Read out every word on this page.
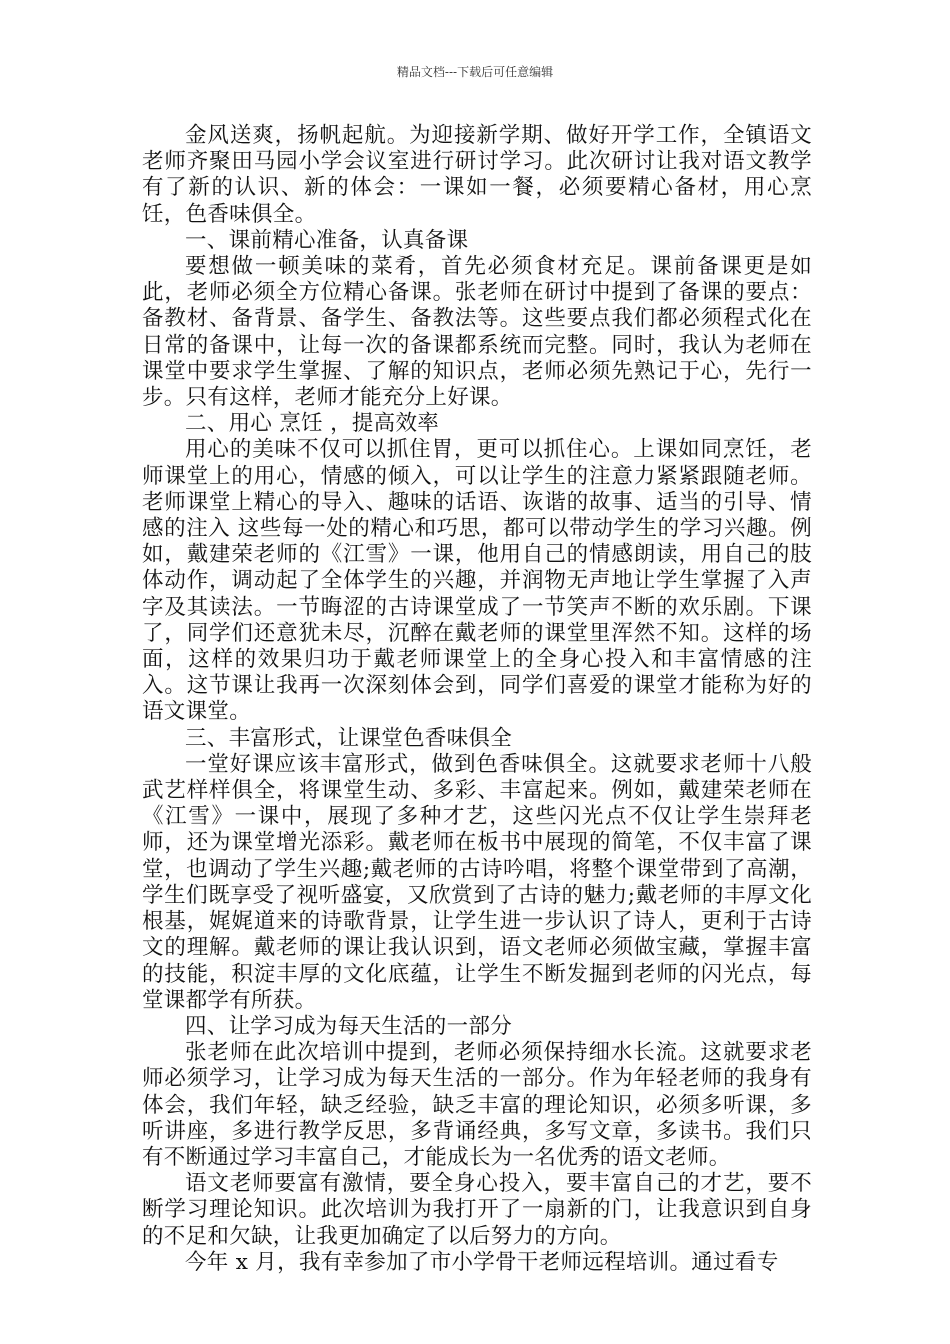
精品文档---下载后可任意编辑

金风送爽，扬帆起航。为迎接新学期、做好开学工作，全镇语文老师齐聚田马园小学会议室进行研讨学习。此次研讨让我对语文教学有了新的认识、新的体会：一课如一餐，必须要精心备材，用心烹饪，色香味俱全。

一、课前精心准备，认真备课

要想做一顿美味的菜肴，首先必须食材充足。课前备课更是如此，老师必须全方位精心备课。张老师在研讨中提到了备课的要点：备教材、备背景、备学生、备教法等。这些要点我们都必须程式化在日常的备课中，让每一次的备课都系统而完整。同时，我认为老师在课堂中要求学生掌握、了解的知识点，老师必须先熟记于心，先行一步。只有这样，老师才能充分上好课。

二、用心 烹饪 ，提高效率

用心的美味不仅可以抓住胃，更可以抓住心。上课如同烹饪，老师课堂上的用心，情感的倾入，可以让学生的注意力紧紧跟随老师。老师课堂上精心的导入、趣味的话语、诙谐的故事、适当的引导、情感的注入 这些每一处的精心和巧思，都可以带动学生的学习兴趣。例如，戴建荣老师的《江雪》一课，他用自己的情感朗读，用自己的肢体动作，调动起了全体学生的兴趣，并润物无声地让学生掌握了入声字及其读法。一节晦涩的古诗课堂成了一节笑声不断的欢乐剧。下课了，同学们还意犹未尽，沉醉在戴老师的课堂里浑然不知。这样的场面，这样的效果归功于戴老师课堂上的全身心投入和丰富情感的注入。这节课让我再一次深刻体会到，同学们喜爱的课堂才能称为好的语文课堂。

三、丰富形式，让课堂色香味俱全

一堂好课应该丰富形式，做到色香味俱全。这就要求老师十八般武艺样样俱全，将课堂生动、多彩、丰富起来。例如，戴建荣老师在《江雪》一课中，展现了多种才艺，这些闪光点不仅让学生崇拜老师，还为课堂增光添彩。戴老师在板书中展现的简笔，不仅丰富了课堂，也调动了学生兴趣;戴老师的古诗吟唱，将整个课堂带到了高潮，学生们既享受了视听盛宴，又欣赏到了古诗的魅力;戴老师的丰厚文化根基，娓娓道来的诗歌背景，让学生进一步认识了诗人，更利于古诗文的理解。戴老师的课让我认识到，语文老师必须做宝藏，掌握丰富的技能，积淀丰厚的文化底蕴，让学生不断发掘到老师的闪光点，每堂课都学有所获。

四、让学习成为每天生活的一部分

张老师在此次培训中提到，老师必须保持细水长流。这就要求老师必须学习，让学习成为每天生活的一部分。作为年轻老师的我身有体会，我们年轻，缺乏经验，缺乏丰富的理论知识，必须多听课，多听讲座，多进行教学反思，多背诵经典，多写文章，多读书。我们只有不断通过学习丰富自己，才能成长为一名优秀的语文老师。

语文老师要富有激情，要全身心投入，要丰富自己的才艺，要不断学习理论知识。此次培训为我打开了一扇新的门，让我意识到自身的不足和欠缺，让我更加确定了以后努力的方向。

今年 x 月，我有幸参加了市小学骨干老师远程培训。通过看专
